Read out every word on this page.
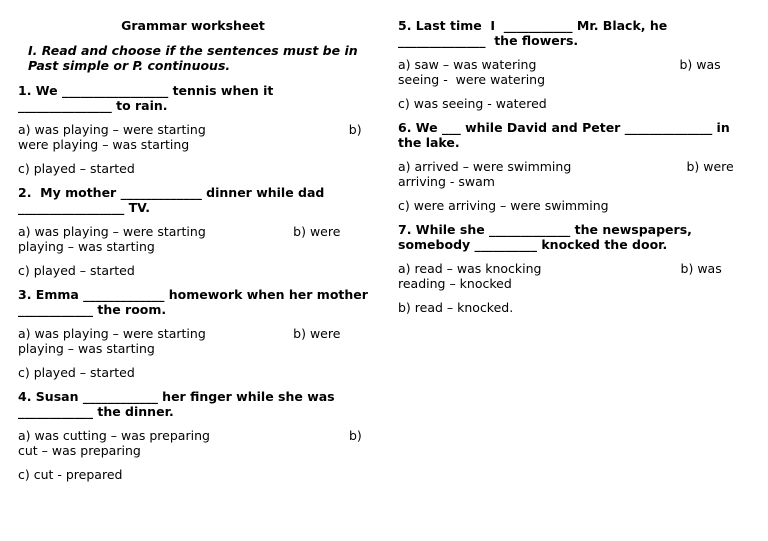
Grammar worksheet
I. Read and choose if the sentences must be in Past simple or P. continuous.
1. We _________________ tennis when it _______________ to rain.
a) was playing – were starting                                    b) were playing – was starting
c) played – started
2.  My mother _____________ dinner while dad _________________ TV.
a) was playing – were starting                      b) were playing – was starting
c) played – started
3. Emma _____________ homework when her mother ____________ the room.
a) was playing – were starting                      b) were playing – was starting
c) played – started
4. Susan ____________ her finger while she was ____________ the dinner.
a) was cutting – was preparing                                   b) cut – was preparing
c) cut - prepared
5. Last time  I  ___________ Mr. Black, he ______________  the flowers.
a) saw – was watering                                    b) was seeing -  were watering
c) was seeing - watered
6. We ___ while David and Peter ______________ in the lake.
a) arrived – were swimming                             b) were arriving - swam
c) were arriving – were swimming
7. While she _____________ the newspapers, somebody __________ knocked the door.
a) read – was knocking                                   b) was reading – knocked
b) read – knocked.
